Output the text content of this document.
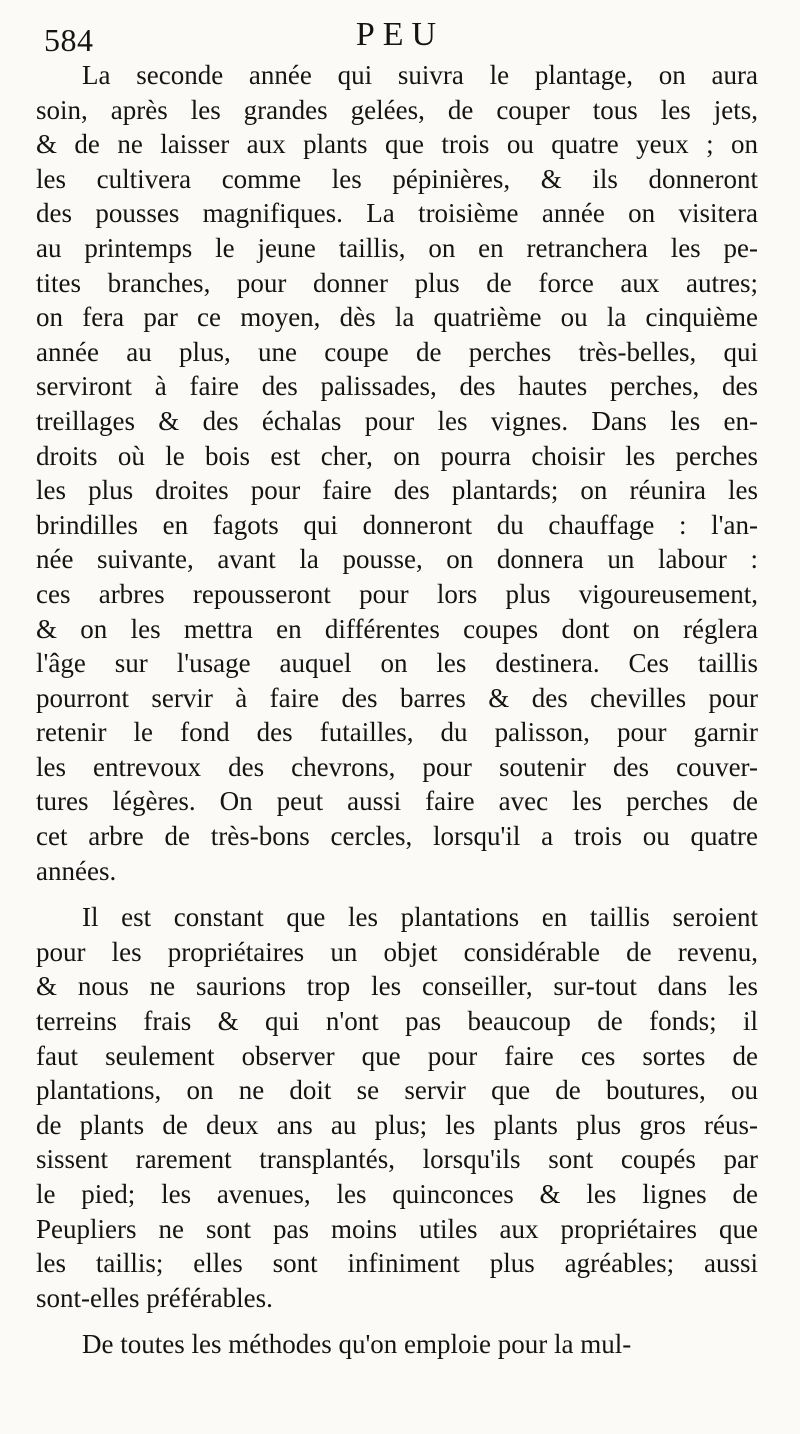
584	PEU
La seconde année qui suivra le plantage, on aura
soin, après les grandes gelées, de couper tous les jets,
& de ne laisser aux plants que trois ou quatre yeux ; on
les cultivera comme les pépinières, & ils donneront
des pousses magnifiques. La troisième année on visitera
au printemps le jeune taillis, on en retranchera les pe-
tites branches, pour donner plus de force aux autres;
on fera par ce moyen, dès la quatrième ou la cinquième
année au plus, une coupe de perches très-belles, qui
serviront à faire des palissades, des hautes perches, des
treillages & des échalas pour les vignes. Dans les en-
droits où le bois est cher, on pourra choisir les perches
les plus droites pour faire des plantards; on réunira les
brindilles en fagots qui donneront du chauffage : l'an-
née suivante, avant la pousse, on donnera un labour :
ces arbres repousseront pour lors plus vigoureusement,
& on les mettra en différentes coupes dont on réglera
l'âge sur l'usage auquel on les destinera. Ces taillis
pourront servir à faire des barres & des chevilles pour
retenir le fond des futailles, du palisson, pour garnir
les entrevoux des chevrons, pour soutenir des couver-
tures légères. On peut aussi faire avec les perches de
cet arbre de très-bons cercles, lorsqu'il a trois ou quatre
années.
Il est constant que les plantations en taillis seroient
pour les propriétaires un objet considérable de revenu,
& nous ne saurions trop les conseiller, sur-tout dans les
terreins frais & qui n'ont pas beaucoup de fonds; il
faut seulement observer que pour faire ces sortes de
plantations, on ne doit se servir que de boutures, ou
de plants de deux ans au plus; les plants plus gros réus-
sissent rarement transplantés, lorsqu'ils sont coupés par
le pied; les avenues, les quinconces & les lignes de
Peupliers ne sont pas moins utiles aux propriétaires que
les taillis; elles sont infiniment plus agréables; aussi
sont-elles préférables.
De toutes les méthodes qu'on emploie pour la mul-
